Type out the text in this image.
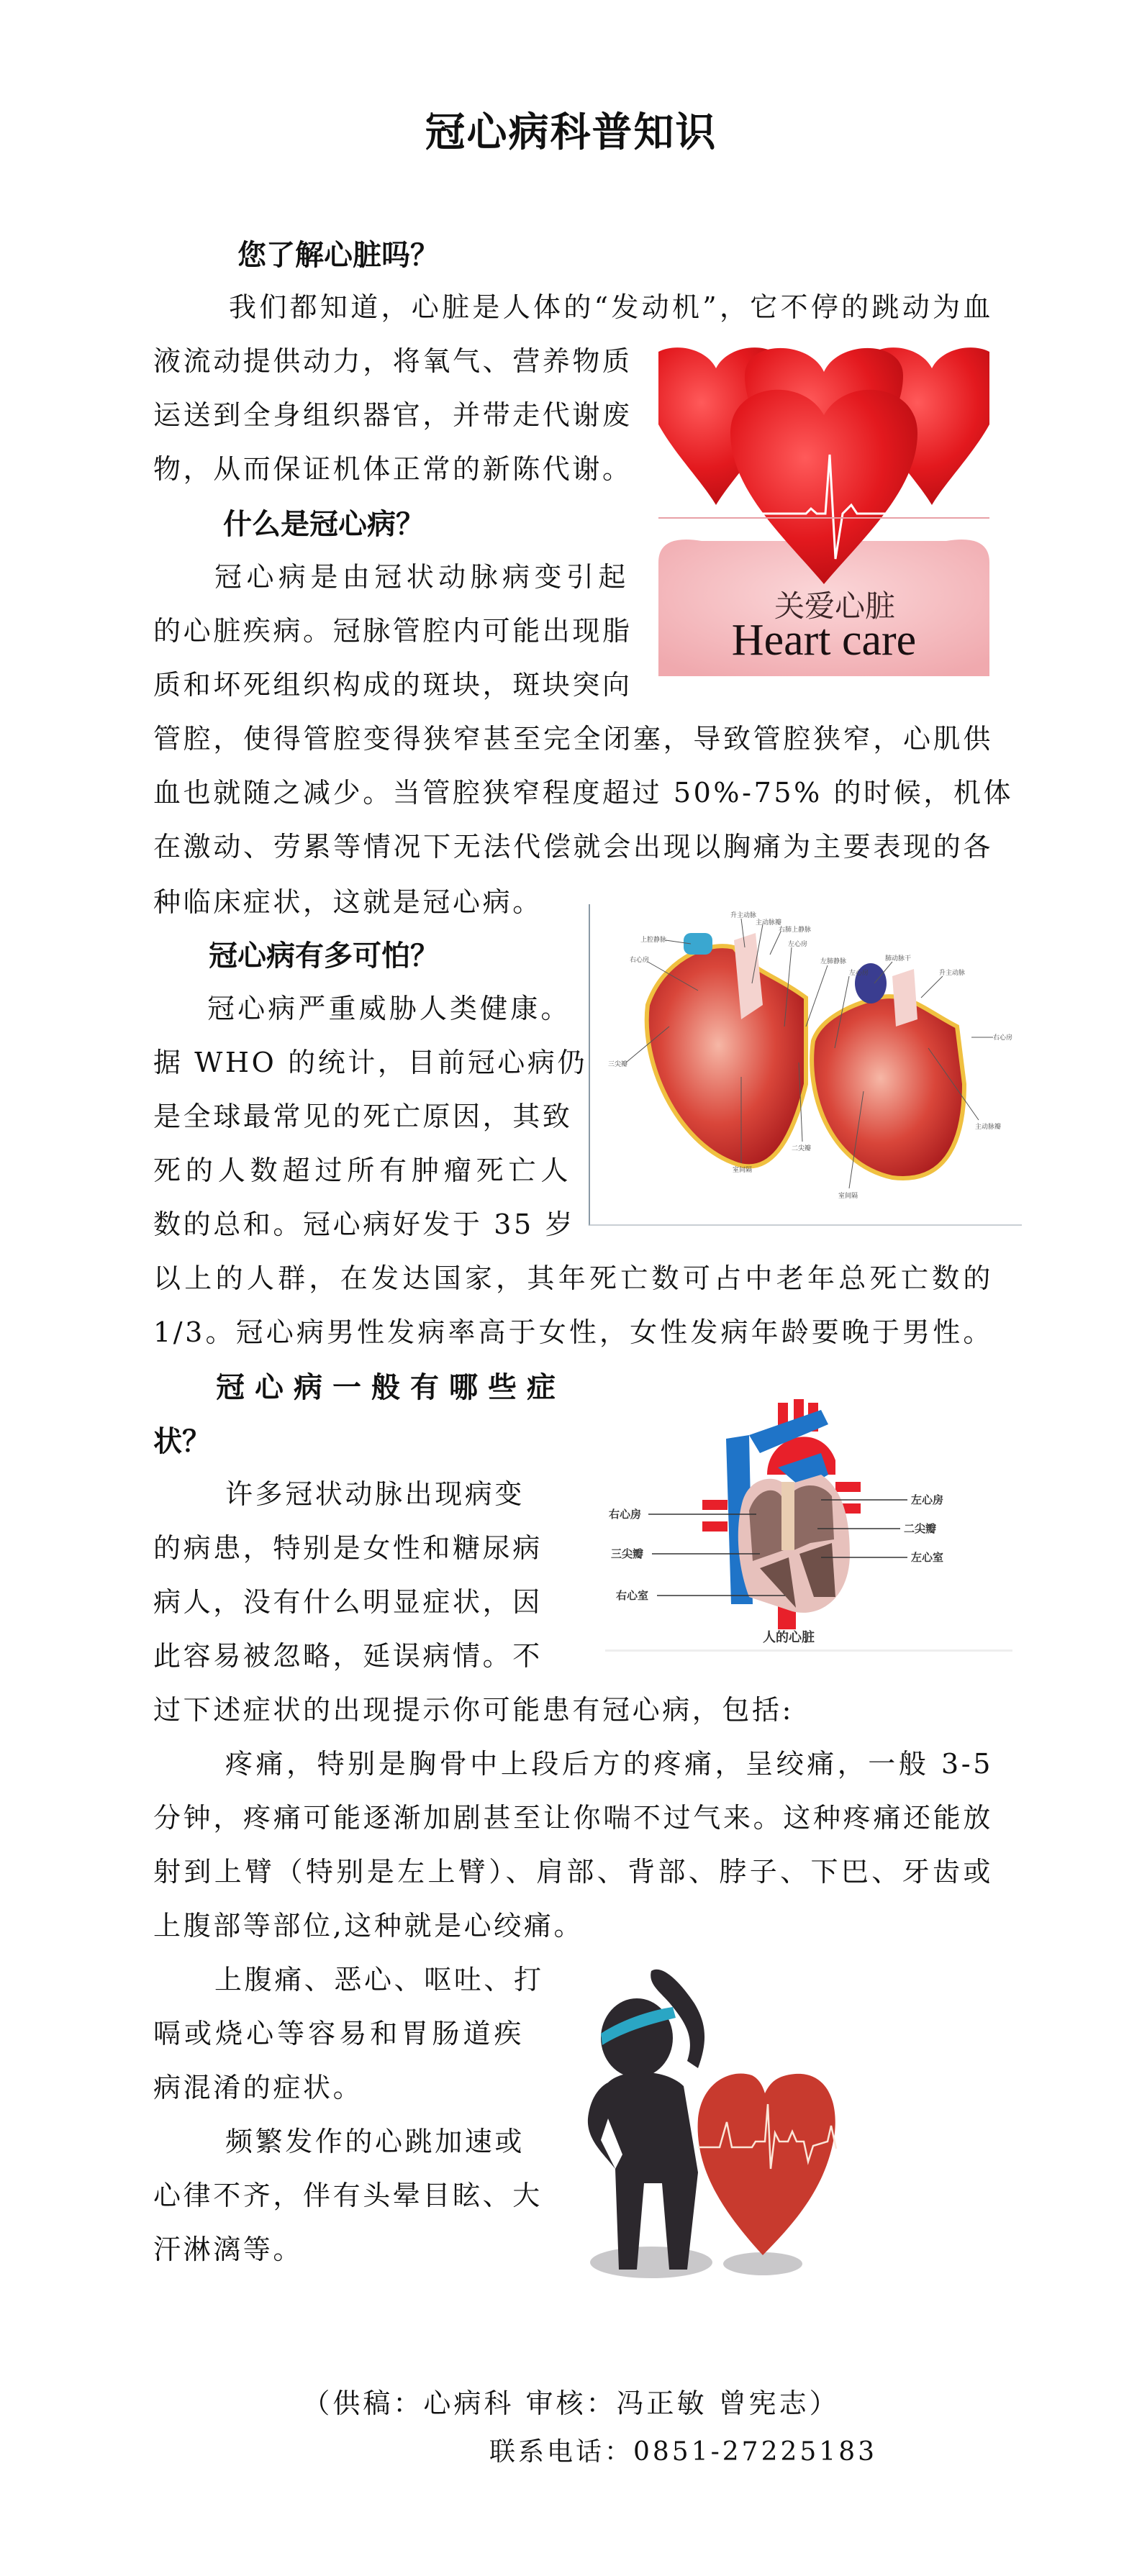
冠心病科普知识
您了解心脏吗？
我们都知道，心脏是人体的“发动机”，它不停的跳动为血
液流动提供动力，将氧气、营养物质
运送到全身组织器官，并带走代谢废
物，从而保证机体正常的新陈代谢。
关爱心脏
Heart care
什么是冠心病？
冠心病是由冠状动脉病变引起
的心脏疾病。冠脉管腔内可能出现脂
质和坏死组织构成的斑块，斑块突向
管腔，使得管腔变得狭窄甚至完全闭塞，导致管腔狭窄，心肌供
血也就随之减少。当管腔狭窄程度超过 50%-75% 的时候，机体
在激动、劳累等情况下无法代偿就会出现以胸痛为主要表现的各
种临床症状，这就是冠心病。	升主动脉
主动脉瓣
右肺上静脉
上腔静脉
右心房
左心房
左肺静脉
左心房
肺动脉干
升主动脉
右心房
三尖瓣
室间隔
二尖瓣
室间隔
主动脉瓣
冠心病有多可怕？
冠心病严重威胁人类健康。
据 WHO 的统计，目前冠心病仍
是全球最常见的死亡原因，其致
死的人数超过所有肿瘤死亡人
数的总和。冠心病好发于 35 岁
以上的人群，在发达国家，其年死亡数可占中老年总死亡数的
1/3。冠心病男性发病率高于女性，女性发病年龄要晚于男性。
冠心病一般有哪些症
状？
许多冠状动脉出现病变
的病患，特别是女性和糖尿病
病人，没有什么明显症状，因
此容易被忽略，延误病情。不
过下述症状的出现提示你可能患有冠心病，包括:
疼痛，特别是胸骨中上段后方的疼痛，呈绞痛，一般 3-5
分钟，疼痛可能逐渐加剧甚至让你喘不过气来。这种疼痛还能放
射到上臂（特别是左上臂）、肩部、背部、脖子、下巴、牙齿或
上腹部等部位,这种就是心绞痛。
上腹痛、恶心、呕吐、打
嗝或烧心等容易和胃肠道疾
病混淆的症状。
频繁发作的心跳加速或
心律不齐，伴有头晕目眩、大
汗淋漓等。
右心房
三尖瓣
右心室
左心房
二尖瓣
左心室
人的心脏
（供稿：心病科 审核：冯正敏 曾宪志）
联系电话：0851-27225183
